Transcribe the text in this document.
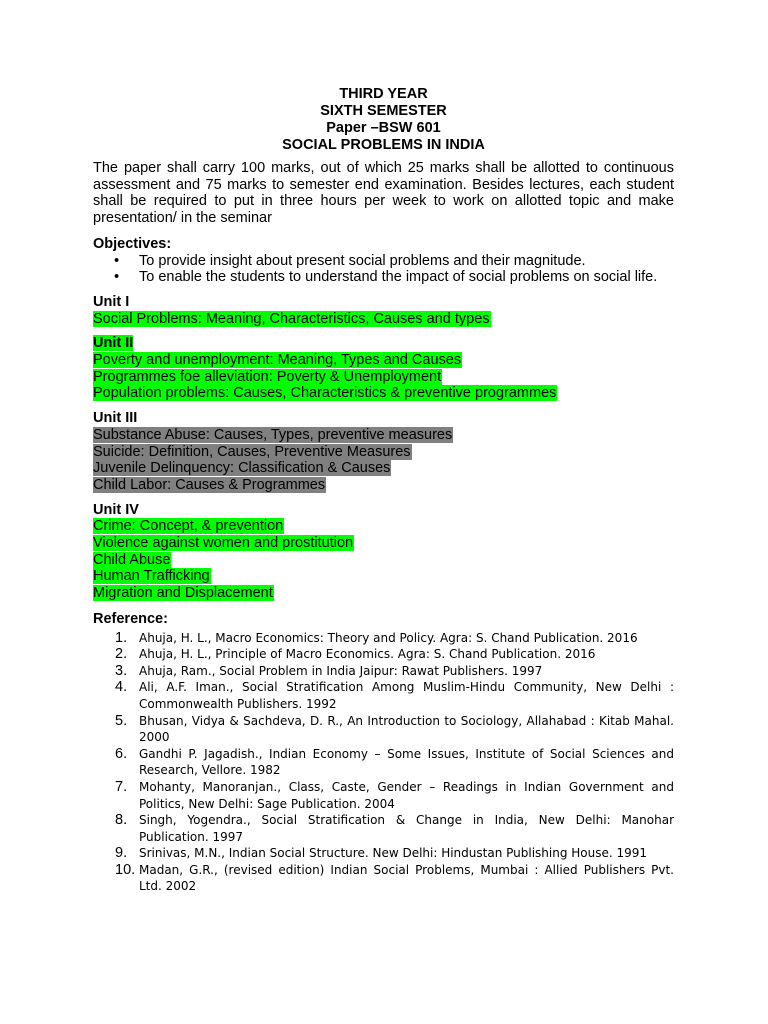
THIRD YEAR

SIXTH SEMESTER

Paper –BSW 601

SOCIAL PROBLEMS IN INDIA

The paper shall carry 100 marks, out of which 25 marks shall be allotted to continuous assessment and 75 marks to semester end examination. Besides lectures, each student shall be required to put in three hours per week to work on allotted topic and make presentation/ in the seminar

Objectives:

• To provide insight about present social problems and their magnitude.
• To enable the students to understand the impact of social problems on social life.

Unit I

Social Problems: Meaning, Characteristics, Causes and types

Unit II

Poverty and unemployment: Meaning, Types and Causes
Programmes foe alleviation: Poverty & Unemployment
Population problems: Causes, Characteristics & preventive programmes

Unit III

Substance Abuse: Causes, Types, preventive measures
Suicide: Definition, Causes, Preventive Measures
Juvenile Delinquency: Classification & Causes
Child Labor: Causes & Programmes

Unit IV

Crime: Concept, & prevention
Violence against women and prostitution
Child Abuse
Human Trafficking
Migration and Displacement

Reference:

1. Ahuja, H. L., Macro Economics: Theory and Policy. Agra: S. Chand Publication. 2016
2. Ahuja, H. L., Principle of Macro Economics. Agra: S. Chand Publication. 2016
3. Ahuja, Ram., Social Problem in India Jaipur: Rawat Publishers. 1997
4. Ali, A.F. Iman., Social Stratification Among Muslim-Hindu Community, New Delhi : Commonwealth Publishers. 1992
5. Bhusan, Vidya & Sachdeva, D. R., An Introduction to Sociology, Allahabad : Kitab Mahal. 2000
6. Gandhi P. Jagadish., Indian Economy – Some Issues, Institute of Social Sciences and Research, Vellore. 1982
7. Mohanty, Manoranjan., Class, Caste, Gender – Readings in Indian Government and Politics, New Delhi: Sage Publication. 2004
8. Singh, Yogendra., Social Stratification & Change in India, New Delhi: Manohar Publication. 1997
9. Srinivas, M.N., Indian Social Structure. New Delhi: Hindustan Publishing House. 1991
10. Madan, G.R., (revised edition) Indian Social Problems, Mumbai : Allied Publishers Pvt. Ltd. 2002
